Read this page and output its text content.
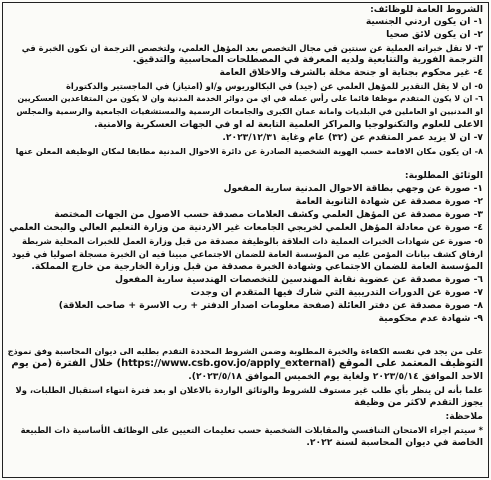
الشروط العامة للوظائف:
١- ان يكون اردني الجنسية
٢- ان يكون لائق صحيا
٣- لا تقل خبراته العملية عن سنتين في مجال التخصص بعد المؤهل العلمي، ولتخصص الترجمة ان تكون الخبرة في
الترجمة الفورية والتتابعية ولديه المعرفة في المصطلحات المحاسبية والتدقيق.
٤- غير محكوم بجناية او جنحة مخلة بالشرف والاخلاق العامة
٥- ان لا يقل التقدير للمؤهل العلمي عن (جيد) في البكالوريوس و/او (امتياز) في الماجستير والدكتوراة
٦- ان لا يكون المتقدم موظفا قائما على رأس عمله في اي من دوائر الخدمة المدنية وان لا يكون من المتقاعدين العسكريين
او المدنيين او العاملين في البلديات وامانة عمان الكبرى والجامعات الرسمية والمستشفيات الجامعية والرسمية والمجلس
الاعلى للعلوم والتكنولوجيا والمراكز العلمية التابعة له او في الجهات العسكرية والامنية.
٧- ان لا يزيد عمر المتقدم عن (٣٢) عام وغاية ٢٠٢٣/١٢/٣١.
٨- ان يكون مكان الاقامة حسب الهوية الشخصية الصادرة عن دائرة الاحوال المدنية مطابقا لمكان الوظيفة المعلن عنها
الوثائق المطلوبة:
١- صورة عن وجهي بطاقة الاحوال المدنية سارية المفعول
٢- صورة مصدقة عن شهادة الثانوية العامة
٣- صورة مصدقة عن المؤهل العلمي وكشف العلامات مصدقة حسب الاصول من الجهات المختصة
٤- صورة عن معادلة المؤهل العلمي لخريجي الجامعات غير الاردنية من وزارة التعليم العالي والبحث العلمي
٥- صورة عن شهادات الخبرات العملية ذات العلاقة بالوظيفة مصدقة من قبل وزارة العمل للخبرات المحلية شريطة
ارفاق كشف بيانات المؤمن عليه من المؤسسة العامة للضمان الاجتماعي مبينا فيه ان الخبرة مسجلة اصوليا في قيود
المؤسسة العامة للضمان الاجتماعي وشهادة الخبرة مصدقة من قبل وزارة الخارجية من خارج المملكة.
٦- صورة مصدقة عن عضوية نقابة المهندسين للتخصصات الهندسية سارية المفعول
٧- صورة عن الدورات التدريبية التي شارك فيها المتقدم ان وجدت
٨- صورة مصدقة عن دفتر العائلة (صفحة معلومات اصدار الدفتر + رب الاسرة + صاحب العلاقة)
٩- شهادة عدم محكومية
على من يجد في نفسه الكفاءة والخبرة المطلوبة وضمن الشروط المحددة التقدم بطلبه الى ديوان المحاسبة وفق نموذج
التوظيف المعتمد على الموقع (https://www.csb.gov.jo/apply_external) خلال الفترة (من يوم
الاحد الموافق ٢٠٢٣/٥/١٤ ولغاية يوم الخميس الموافق ٢٠٢٣/٥/١٨).
علما بأنه لن ينظر بأي طلب غير مستوف للشروط والوثائق الواردة بالاعلان او بعد فترة انتهاء استقبال الطلبات، ولا
يجوز التقدم لاكثر من وظيفة
ملاحظة:
* سيتم اجراء الامتحان التنافسي والمقابلات الشخصية حسب تعليمات التعيين على الوظائف الأساسية ذات الطبيعة
الخاصة في ديوان المحاسبة لسنة ٢٠٢٢.
